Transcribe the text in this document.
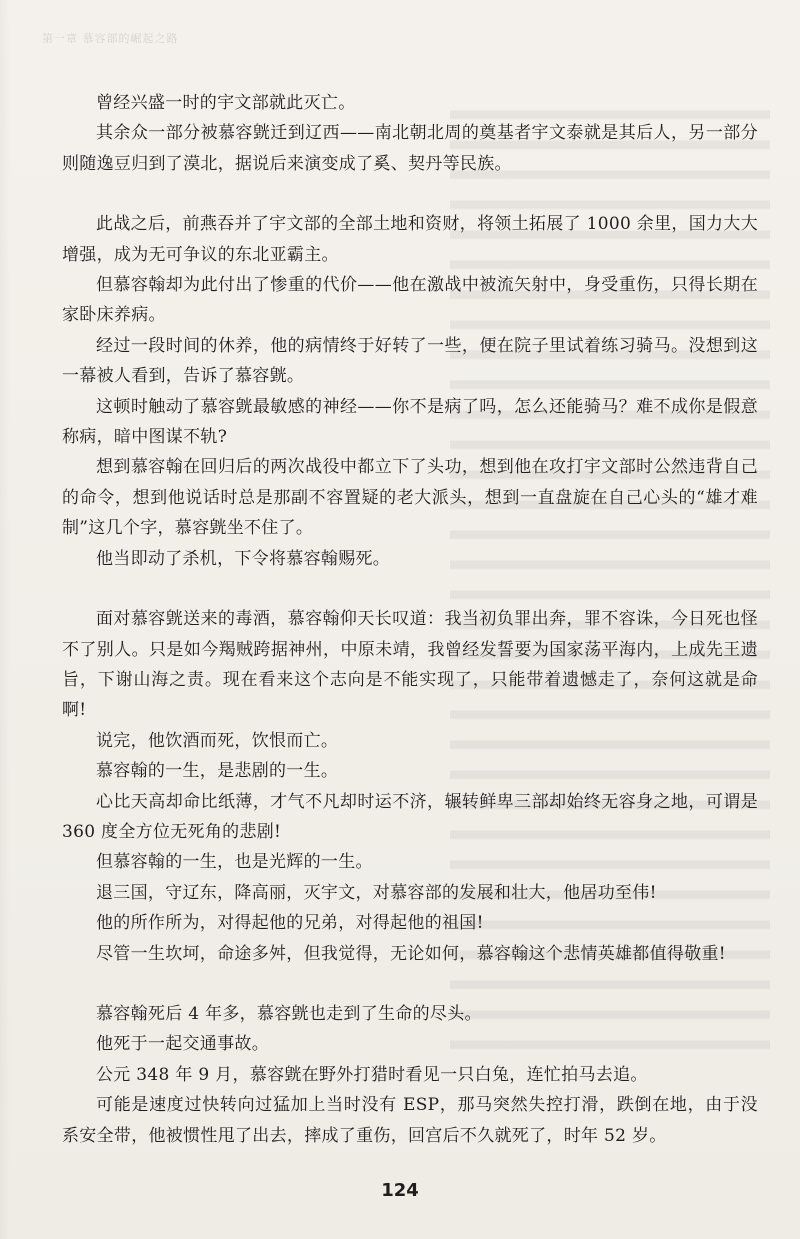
第一章 慕容部的崛起之路

曾经兴盛一时的宇文部就此灭亡。

其余众一部分被慕容皝迁到辽西——南北朝北周的奠基者宇文泰就是其后人，另一部分则随逸豆归到了漠北，据说后来演变成了奚、契丹等民族。

此战之后，前燕吞并了宇文部的全部土地和资财，将领土拓展了 1000 余里，国力大大增强，成为无可争议的东北亚霸主。

但慕容翰却为此付出了惨重的代价——他在激战中被流矢射中，身受重伤，只得长期在家卧床养病。

经过一段时间的休养，他的病情终于好转了一些，便在院子里试着练习骑马。没想到这一幕被人看到，告诉了慕容皝。

这顿时触动了慕容皝最敏感的神经——你不是病了吗，怎么还能骑马？难不成你是假意称病，暗中图谋不轨?

想到慕容翰在回归后的两次战役中都立下了头功，想到他在攻打宇文部时公然违背自己的命令，想到他说话时总是那副不容置疑的老大派头，想到一直盘旋在自己心头的“雄才难制”这几个字，慕容皝坐不住了。

他当即动了杀机，下令将慕容翰赐死。

面对慕容皝送来的毒酒，慕容翰仰天长叹道：我当初负罪出奔，罪不容诛，今日死也怪不了别人。只是如今羯贼跨据神州，中原未靖，我曾经发誓要为国家荡平海内，上成先王遗旨，下谢山海之责。现在看来这个志向是不能实现了，只能带着遗憾走了，奈何这就是命啊!

说完，他饮酒而死，饮恨而亡。

慕容翰的一生，是悲剧的一生。

心比天高却命比纸薄，才气不凡却时运不济，辗转鲜卑三部却始终无容身之地，可谓是 360 度全方位无死角的悲剧!

但慕容翰的一生，也是光辉的一生。

退三国，守辽东，降高丽，灭宇文，对慕容部的发展和壮大，他居功至伟!

他的所作所为，对得起他的兄弟，对得起他的祖国!

尽管一生坎坷，命途多舛，但我觉得，无论如何，慕容翰这个悲情英雄都值得敬重!

慕容翰死后 4 年多，慕容皝也走到了生命的尽头。

他死于一起交通事故。

公元 348 年 9 月，慕容皝在野外打猎时看见一只白兔，连忙拍马去追。

可能是速度过快转向过猛加上当时没有 ESP，那马突然失控打滑，跌倒在地，由于没系安全带，他被惯性甩了出去，摔成了重伤，回宫后不久就死了，时年 52 岁。

124
